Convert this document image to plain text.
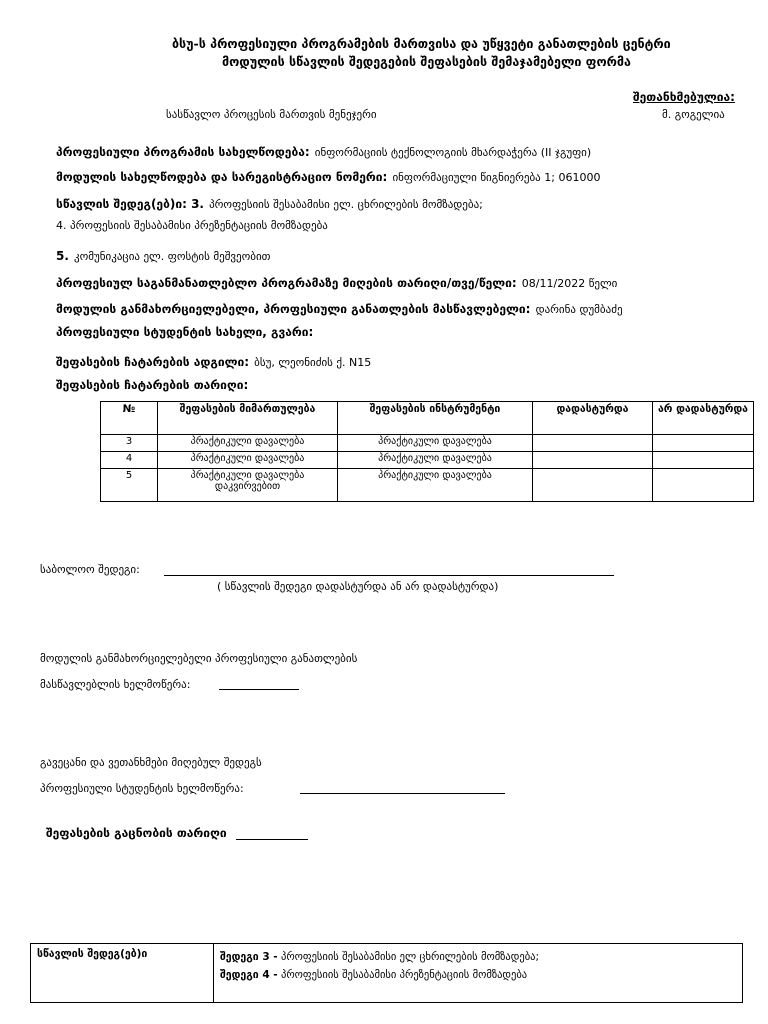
ბსუ-ს პროფესიული პროგრამების მართვისა და უწყვეტი განათლების ცენტრი
მოდულის სწავლის შედეგების შეფასების შემაჯამებელი ფორმა
შეთანხმებულია:
სასწავლო პროცესის მართვის მენეჯერი	მ. გოგელია
პროფესიული პროგრამის სახელწოდება: ინფორმაციის ტექნოლოგიის მხარდაჭერა (II ჯგუფი)
მოდულის სახელწოდება და სარეგისტრაციო ნომერი: ინფორმაციული წიგნიერება 1; 061000
სწავლის შედეგ(ებ)ი: 3. პროფესიის შესაბამისი ელ. ცხრილების მომზადება;
4. პროფესიის შესაბამისი პრეზენტაციის მომზადება
5. კომუნიკაცია ელ. ფოსტის მეშვეობით
პროფესიულ საგანმანათლებლო პროგრამაზე მიღების თარიღი/თვე/წელი: 08/11/2022 წელი
მოდულის განმახორციელებელი, პროფესიული განათლების მასწავლებელი: დარინა დუმბაძე
პროფესიული სტუდენტის სახელი, გვარი:
შეფასების ჩატარების ადგილი: ბსუ, ლეონიძის ქ. N15
შეფასების ჩატარების თარიღი:
№	შეფასების მიმართულება	შეფასების ინსტრუმენტი	დადასტურდა	არ დადასტურდა
3	პრაქტიკული დავალება	პრაქტიკული დავალება		
4	პრაქტიკული დავალება	პრაქტიკული დავალება		
5	პრაქტიკული დავალება დაკვირვებით	პრაქტიკული დავალება		
საბოლოო შედეგი:
( სწავლის შედეგი დადასტურდა ან არ დადასტურდა)
მოდულის განმახორციელებელი პროფესიული განათლების
მასწავლებლის ხელმოწერა:
გავეცანი და ვეთანხმები მიღებულ შედეგს
პროფესიული სტუდენტის ხელმოწერა:
შეფასების გაცნობის თარიღი
სწავლის შედეგ(ებ)ი	შედეგი 3 - პროფესიის შესაბამისი ელ ცხრილების მომზადება;
შედეგი 4 - პროფესიის შესაბამისი პრეზენტაციის მომზადება
